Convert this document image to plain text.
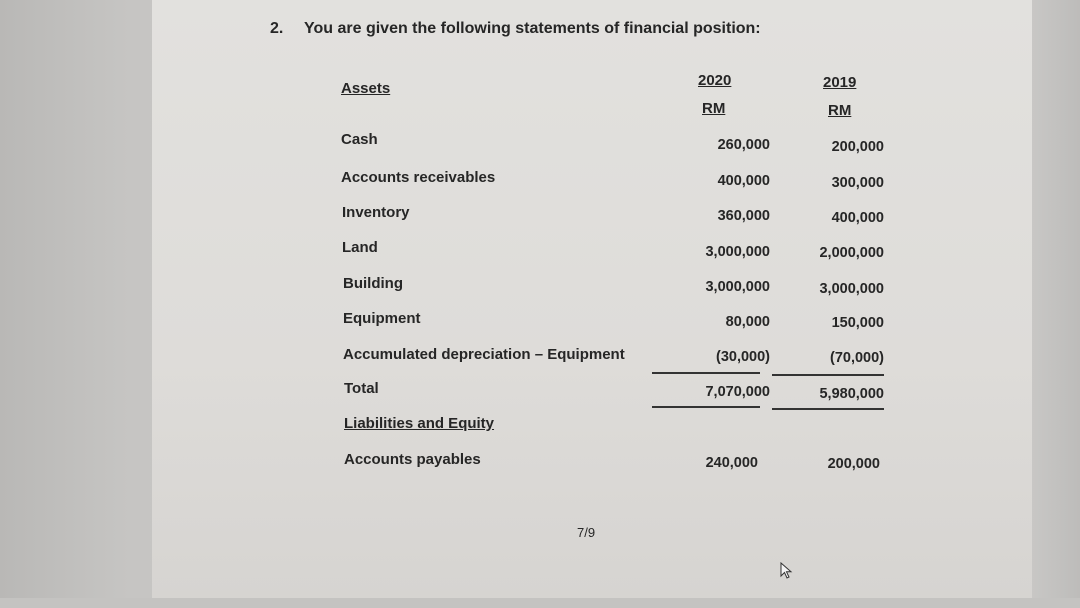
2. You are given the following statements of financial position:
Assets	2020	2019
RM	RM
Cash	260,000	200,000
Accounts receivables	400,000	300,000
Inventory	360,000	400,000
Land	3,000,000	2,000,000
Building	3,000,000	3,000,000
Equipment	80,000	150,000
Accumulated depreciation – Equipment	(30,000)	(70,000)
Total	7,070,000	5,980,000
Liabilities and Equity
Accounts payables	240,000	200,000
7/9
